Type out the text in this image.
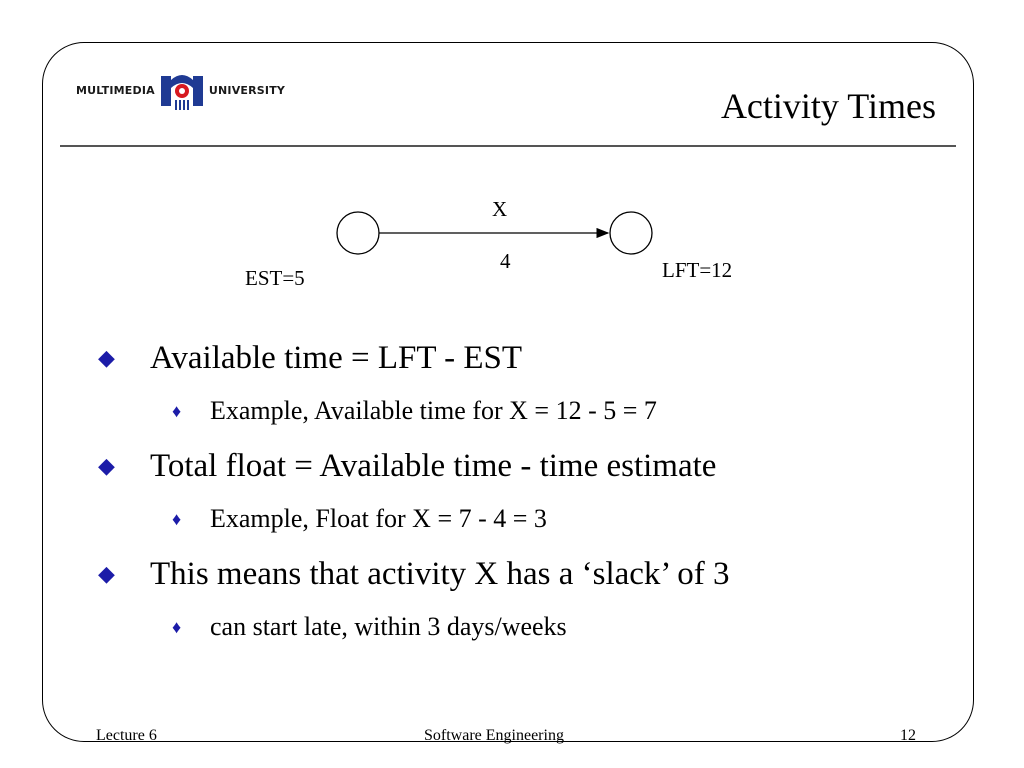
MULTIMEDIA	UNIVERSITY	Activity Times
X
4
EST=5	LFT=12
◆	Available time = LFT - EST
♦	Example, Available time for X = 12 - 5 = 7
◆	Total float = Available time - time estimate
♦	Example, Float for X = 7 - 4 = 3
◆	This means that activity X has a ‘slack’ of 3
♦	can start late, within 3 days/weeks
Lecture 6	Software Engineering	12
